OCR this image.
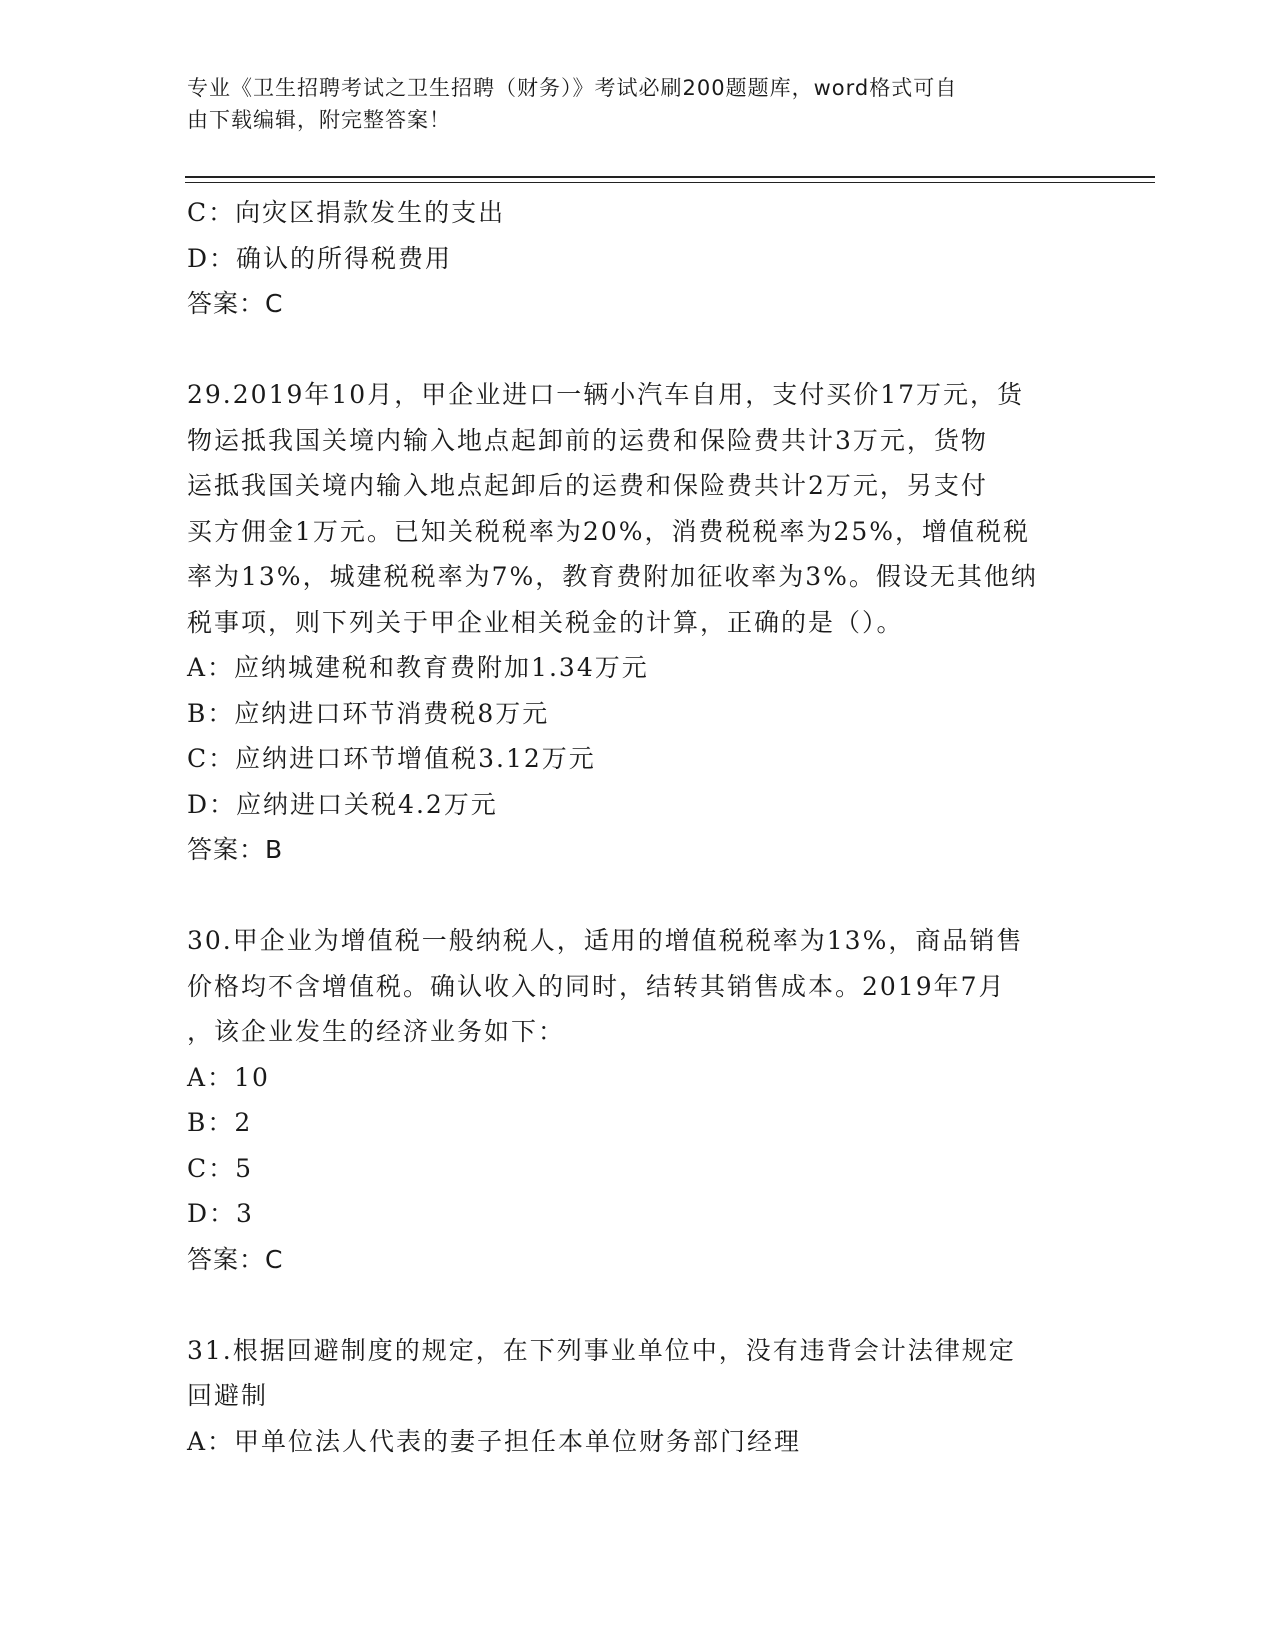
专业《卫生招聘考试之卫生招聘（财务）》考试必刷200题题库，word格式可自
由下载编辑，附完整答案！
C：向灾区捐款发生的支出
D：确认的所得税费用
答案：C
29.2019年10月，甲企业进口一辆小汽车自用，支付买价17万元，货
物运抵我国关境内输入地点起卸前的运费和保险费共计3万元，货物
运抵我国关境内输入地点起卸后的运费和保险费共计2万元，另支付
买方佣金1万元。已知关税税率为20%，消费税税率为25%，增值税税
率为13%，城建税税率为7%，教育费附加征收率为3%。假设无其他纳
税事项，则下列关于甲企业相关税金的计算，正确的是（）。
A：应纳城建税和教育费附加1.34万元
B：应纳进口环节消费税8万元
C：应纳进口环节增值税3.12万元
D：应纳进口关税4.2万元
答案：B
30.甲企业为增值税一般纳税人，适用的增值税税率为13%，商品销售
价格均不含增值税。确认收入的同时，结转其销售成本。2019年7月
，该企业发生的经济业务如下：
A：10
B：2
C：5
D：3
答案：C
31.根据回避制度的规定，在下列事业单位中，没有违背会计法律规定
回避制
A：甲单位法人代表的妻子担任本单位财务部门经理
